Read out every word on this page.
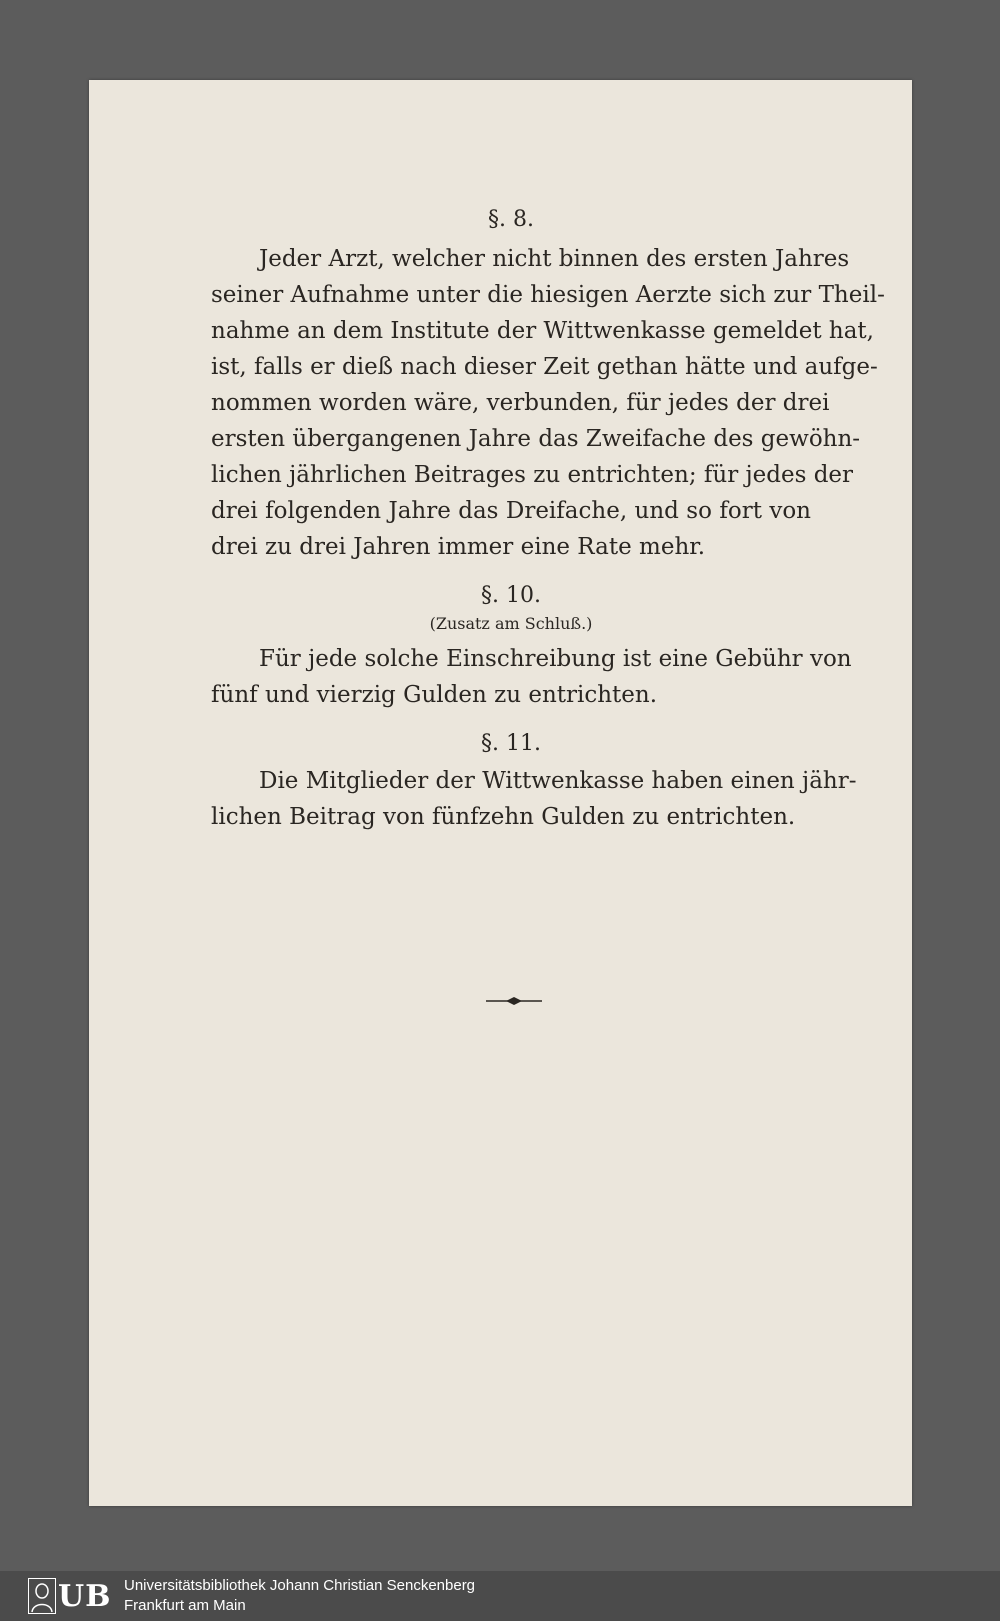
§. 8.

Jeder Arzt, welcher nicht binnen des ersten Jahres
seiner Aufnahme unter die hiesigen Aerzte sich zur Theil-
nahme an dem Institute der Wittwenkasse gemeldet hat,
ist, falls er dieß nach dieser Zeit gethan hätte und aufge-
nommen worden wäre, verbunden, für jedes der drei
ersten übergangenen Jahre das Zweifache des gewöhn-
lichen jährlichen Beitrages zu entrichten; für jedes der
drei folgenden Jahre das Dreifache, und so fort von
drei zu drei Jahren immer eine Rate mehr.

§. 10.

(Zusatz am Schluß.)

Für jede solche Einschreibung ist eine Gebühr von
fünf und vierzig Gulden zu entrichten.

§. 11.

Die Mitglieder der Wittwenkasse haben einen jähr-
lichen Beitrag von fünfzehn Gulden zu entrichten.
UB Universitätsbibliothek Johann Christian Senckenberg
Frankfurt am Main
